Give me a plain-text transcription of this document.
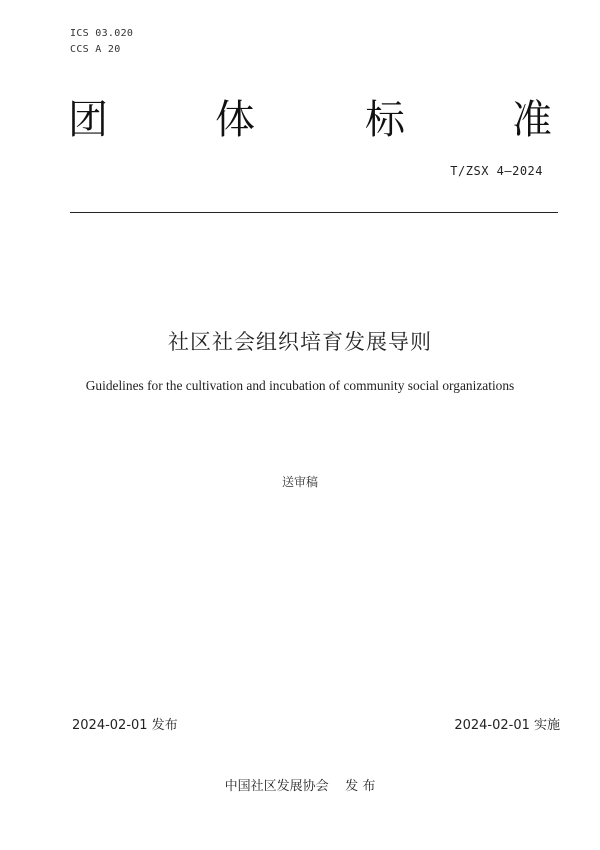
ICS 03.020
CCS A 20
团	体	标	准
T/ZSX 4—2024
社区社会组织培育发展导则
Guidelines for the cultivation and incubation of community social organizations
送审稿
2024-02-01 发布	2024-02-01 实施
中国社区发展协会    发 布
